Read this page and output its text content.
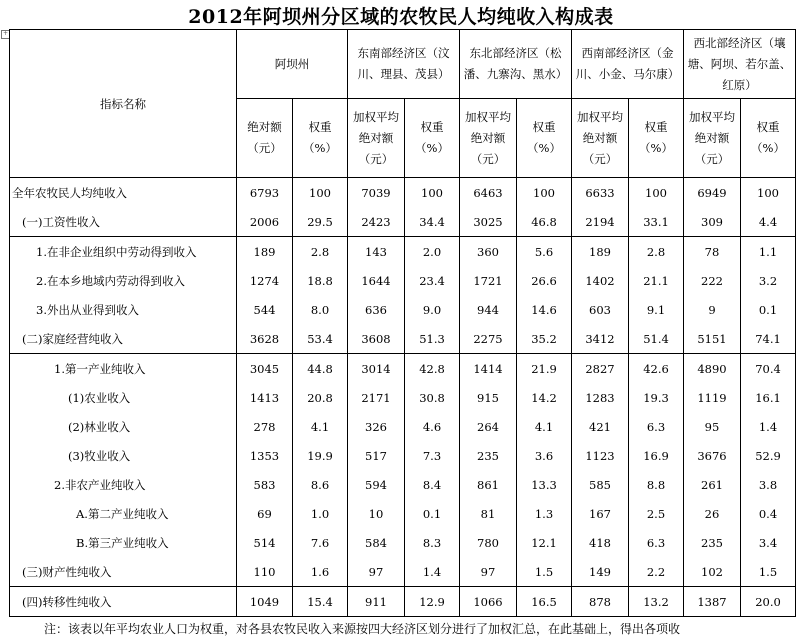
2012年阿坝州分区域的农牧民人均纯收入构成表
+
指标名称	阿坝州		东南部经济区（汶川、理县、茂县）		东北部经济区（松潘、九寨沟、黑水）		西南部经济区（金川、小金、马尔康）		西北部经济区（壤塘、阿坝、若尔盖、红原）	
	绝对额（元）	权重（%）	加权平均绝对额（元）	权重（%）	加权平均绝对额（元）	权重（%）	加权平均绝对额（元）	权重（%）	加权平均绝对额（元）	权重（%）
全年农牧民人均纯收入	6793	100	7039	100	6463	100	6633	100	6949	100
(一)工资性收入	2006	29.5	2423	34.4	3025	46.8	2194	33.1	309	4.4
1.在非企业组织中劳动得到收入	189	2.8	143	2.0	360	5.6	189	2.8	78	1.1
2.在本乡地域内劳动得到收入	1274	18.8	1644	23.4	1721	26.6	1402	21.1	222	3.2
3.外出从业得到收入	544	8.0	636	9.0	944	14.6	603	9.1	9	0.1
(二)家庭经营纯收入	3628	53.4	3608	51.3	2275	35.2	3412	51.4	5151	74.1
1.第一产业纯收入	3045	44.8	3014	42.8	1414	21.9	2827	42.6	4890	70.4
(1)农业收入	1413	20.8	2171	30.8	915	14.2	1283	19.3	1119	16.1
(2)林业收入	278	4.1	326	4.6	264	4.1	421	6.3	95	1.4
(3)牧业收入	1353	19.9	517	7.3	235	3.6	1123	16.9	3676	52.9
2.非农产业纯收入	583	8.6	594	8.4	861	13.3	585	8.8	261	3.8
A.第二产业纯收入	69	1.0	10	0.1	81	1.3	167	2.5	26	0.4
B.第三产业纯收入	514	7.6	584	8.3	780	12.1	418	6.3	235	3.4
(三)财产性纯收入	110	1.6	97	1.4	97	1.5	149	2.2	102	1.5
(四)转移性纯收入	1049	15.4	911	12.9	1066	16.5	878	13.2	1387	20.0
注：该表以年平均农业人口为权重，对各县农牧民收入来源按四大经济区划分进行了加权汇总，在此基础上，得出各项收
